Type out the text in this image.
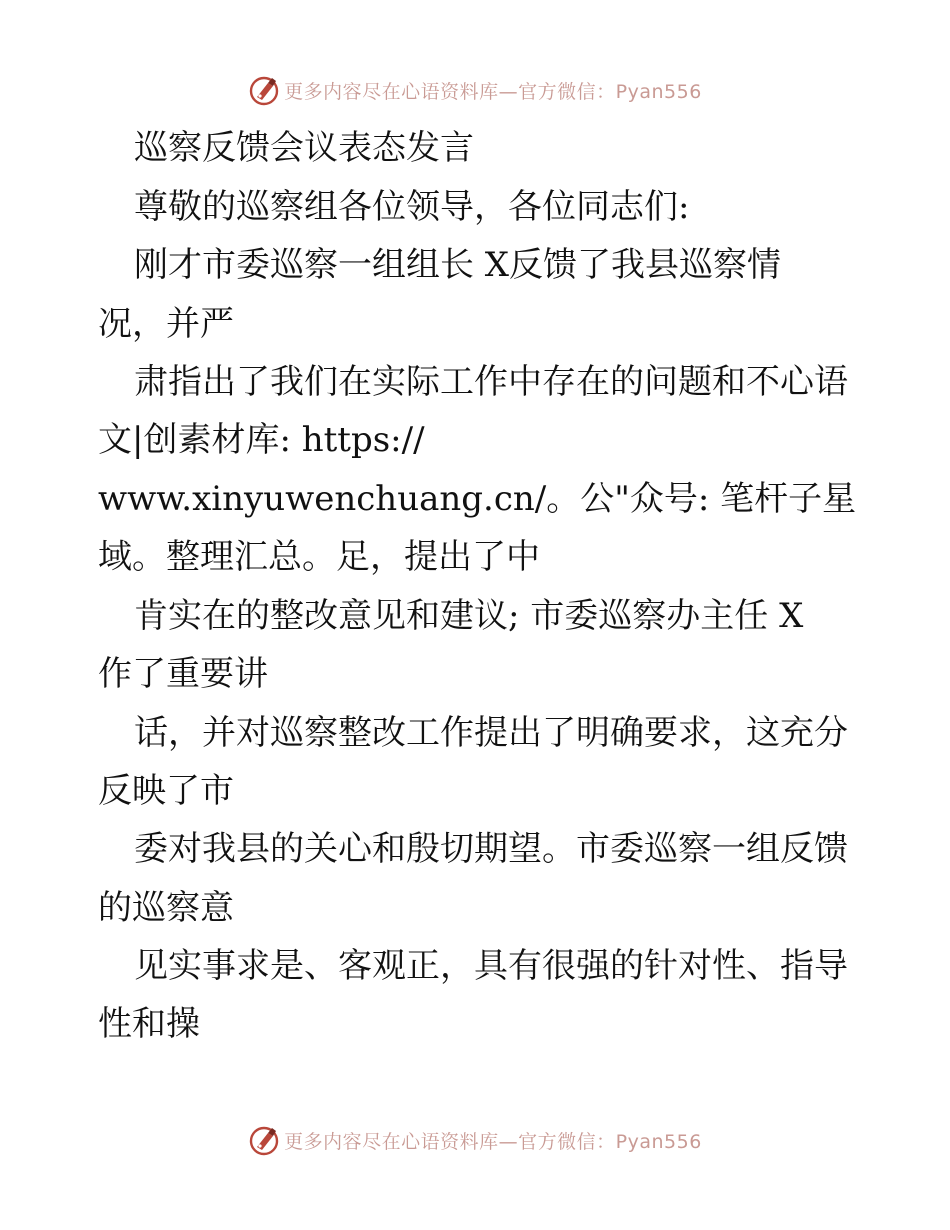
更多内容尽在心语资料库—官方微信：Pyan556

巡察反馈会议表态发言

尊敬的巡察组各位领导，各位同志们:

刚才市委巡察一组组长 X反馈了我县巡察情

况，并严

肃指出了我们在实际工作中存在的问题和不心语

文|创素材库: https://

www.xinyuwenchuang.cn/。公"众号: 笔杆子星

域。整理汇总。足，提出了中

肯实在的整改意见和建议; 市委巡察办主任 X

作了重要讲

话，并对巡察整改工作提出了明确要求，这充分

反映了市

委对我县的关心和殷切期望。市委巡察一组反馈

的巡察意

见实事求是、客观正，具有很强的针对性、指导

性和操

更多内容尽在心语资料库—官方微信：Pyan556
